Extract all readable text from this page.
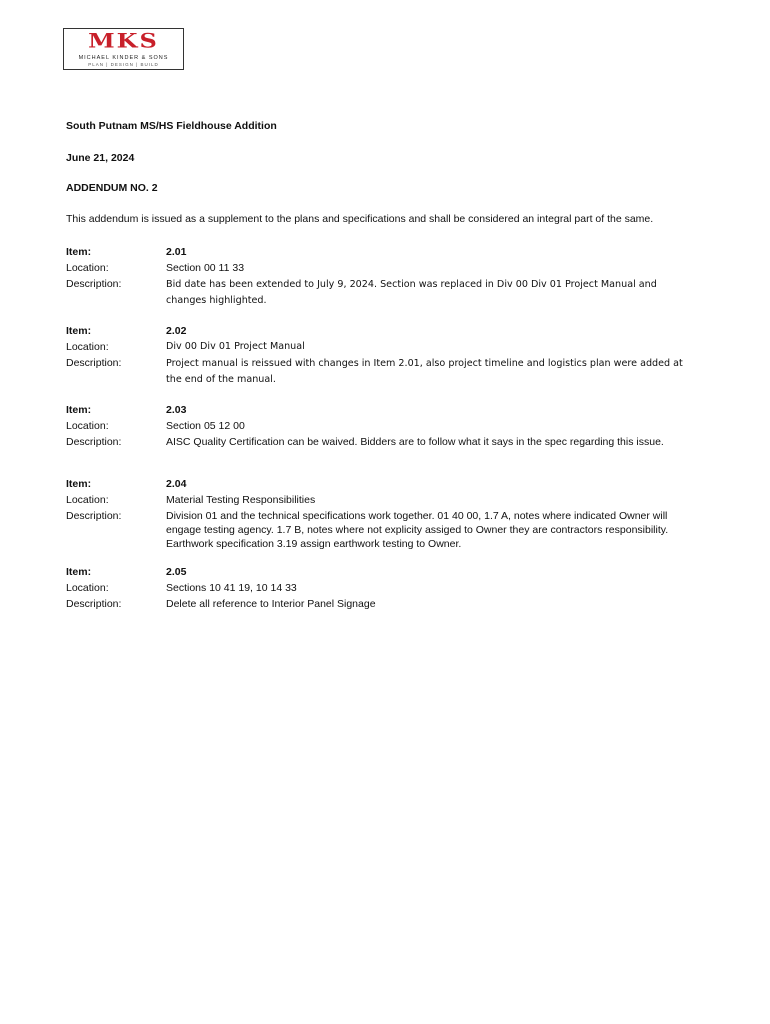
MKS
MICHAEL KINDER & SONS
PLAN | DESIGN | BUILD
South Putnam MS/HS Fieldhouse Addition
June 21, 2024
ADDENDUM NO. 2
This addendum is issued as a supplement to the plans and specifications and shall be considered an integral part of the same.
Item:	2.01
Location:	Section 00 11 33
Description:	Bid date has been extended to July 9, 2024. Section was replaced in Div 00 Div 01 Project Manual and changes highlighted.
Item:	2.02
Location:	Div 00 Div 01 Project Manual
Description:	Project manual is reissued with changes in Item 2.01, also project timeline and logistics plan were added at the end of the manual.
Item:	2.03
Location:	Section 05 12 00
Description:	AISC Quality Certification can be waived. Bidders are to follow what it says in the spec regarding this issue.
Item:	2.04
Location:	Material Testing Responsibilities
Description:	Division 01 and the technical specifications work together. 01 40 00, 1.7 A, notes where indicated Owner will engage testing agency. 1.7 B, notes where not explicity assiged to Owner they are contractors responsibility. Earthwork specification 3.19 assign earthwork testing to Owner.
Item:	2.05
Location:	Sections 10 41 19, 10 14 33
Description:	Delete all reference to Interior Panel Signage
